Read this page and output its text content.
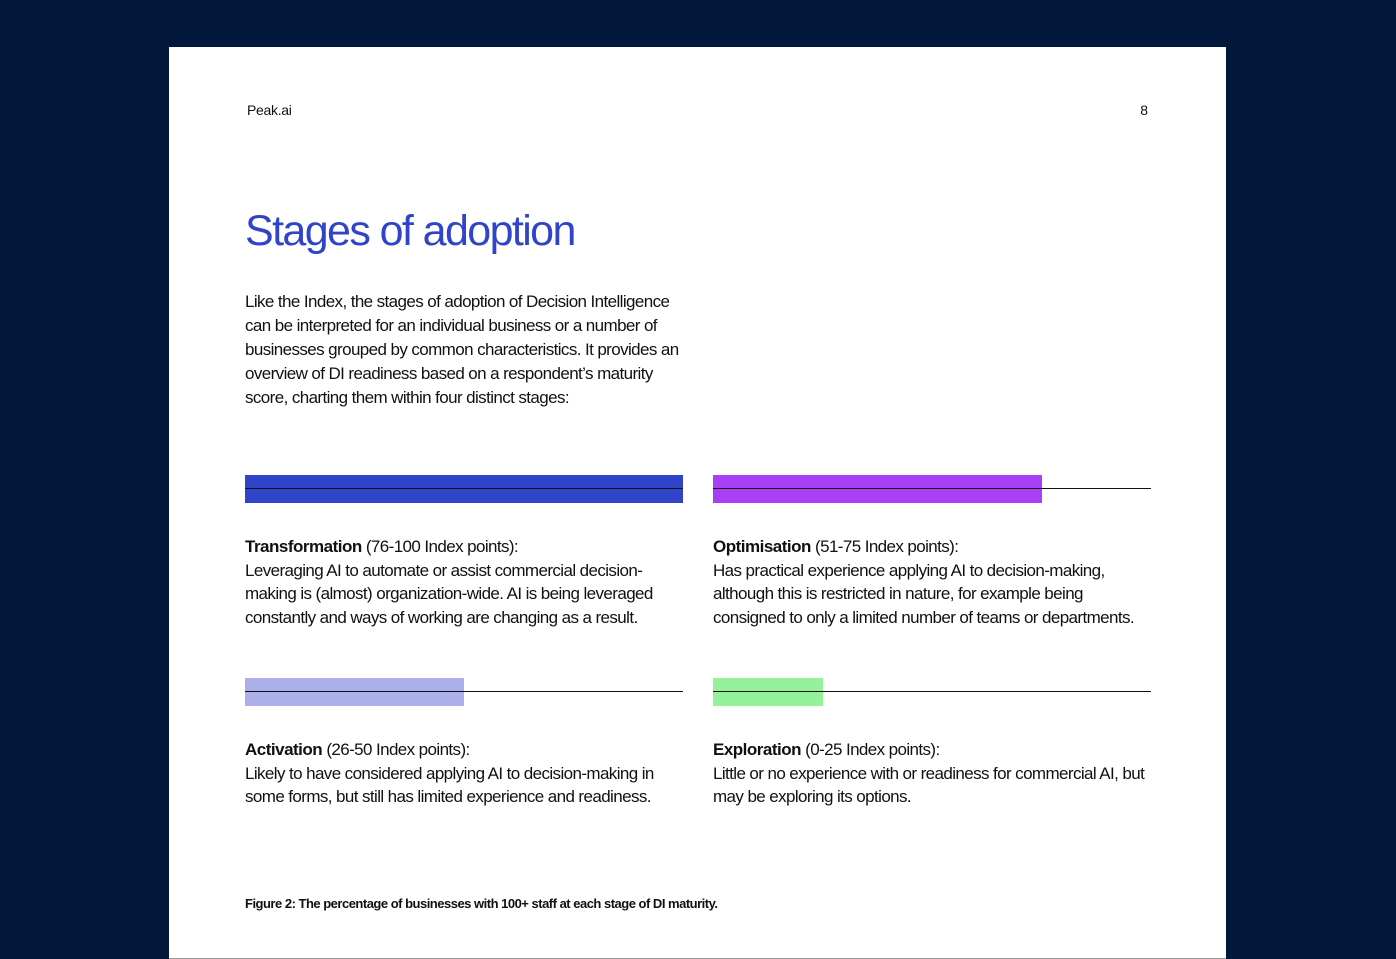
Peak.ai	8
Stages of adoption

Like the Index, the stages of adoption of Decision Intelligence can be interpreted for an individual business or a number of businesses grouped by common characteristics. It provides an overview of DI readiness based on a respondent’s maturity score, charting them within four distinct stages:

Transformation (76-100 Index points):
Leveraging AI to automate or assist commercial decision-making is (almost) organization-wide. AI is being leveraged constantly and ways of working are changing as a result.
Optimisation (51-75 Index points):
Has practical experience applying AI to decision-making, although this is restricted in nature, for example being consigned to only a limited number of teams or departments.
Activation (26-50 Index points):
Likely to have considered applying AI to decision-making in some forms, but still has limited experience and readiness.
Exploration (0-25 Index points):
Little or no experience with or readiness for commercial AI, but may be exploring its options.
Figure 2: The percentage of businesses with 100+ staff at each stage of DI maturity.
